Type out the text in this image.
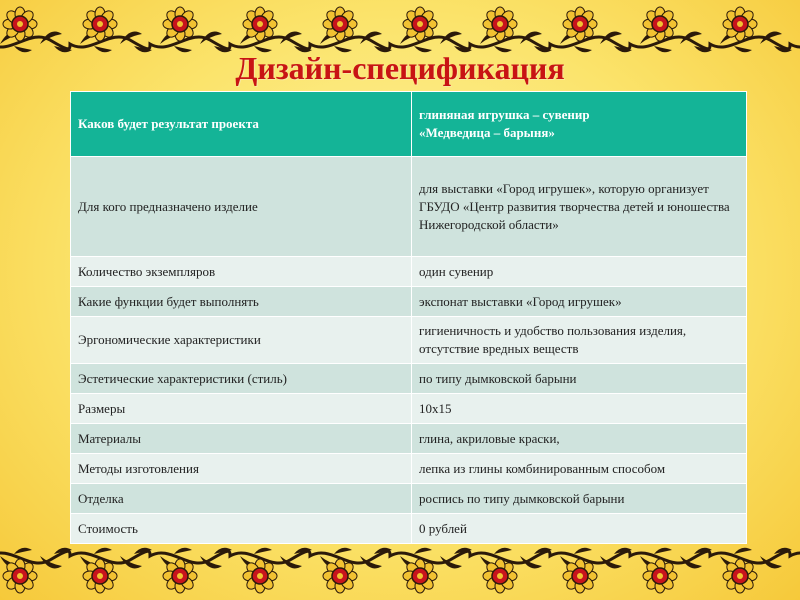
Дизайн-спецификация
Каков будет результат проекта	глиняная игрушка – сувенир
«Медведица – барыня»
Для кого предназначено изделие	для выставки «Город игрушек», которую организует ГБУДО «Центр развития творчества детей и юношества Нижегородской области»
Количество экземпляров	один сувенир
Какие функции будет выполнять	экспонат выставки «Город игрушек»
Эргономические характеристики	гигиеничность и удобство пользования изделия, отсутствие вредных веществ
Эстетические характеристики (стиль)	по типу дымковской барыни
Размеры	10x15
Материалы	глина, акриловые краски,
Методы изготовления	лепка из глины комбинированным способом
Отделка	роспись по типу дымковской барыни
Стоимость	0 рублей
